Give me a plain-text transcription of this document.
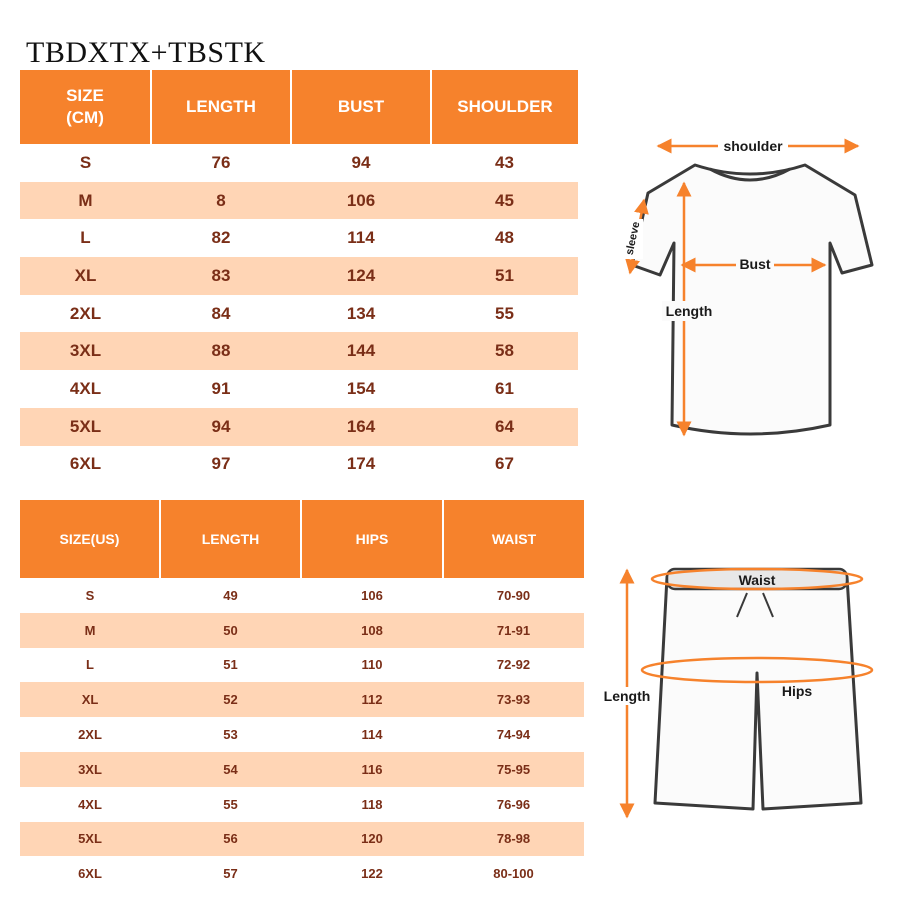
TBDXTX+TBSTK
SIZE
(CM)	LENGTH	BUST	SHOULDER
S	76	94	43
M	8	106	45
L	82	114	48
XL	83	124	51
2XL	84	134	55
3XL	88	144	58
4XL	91	154	61
5XL	94	164	64
6XL	97	174	67
SIZE(US)	LENGTH	HIPS	WAIST
S	49	106	70-90
M	50	108	71-91
L	51	110	72-92
XL	52	112	73-93
2XL	53	114	74-94
3XL	54	116	75-95
4XL	55	118	76-96
5XL	56	120	78-98
6XL	57	122	80-100
shoulder
Bust
Length
sleeve
Waist
Hips
Length
